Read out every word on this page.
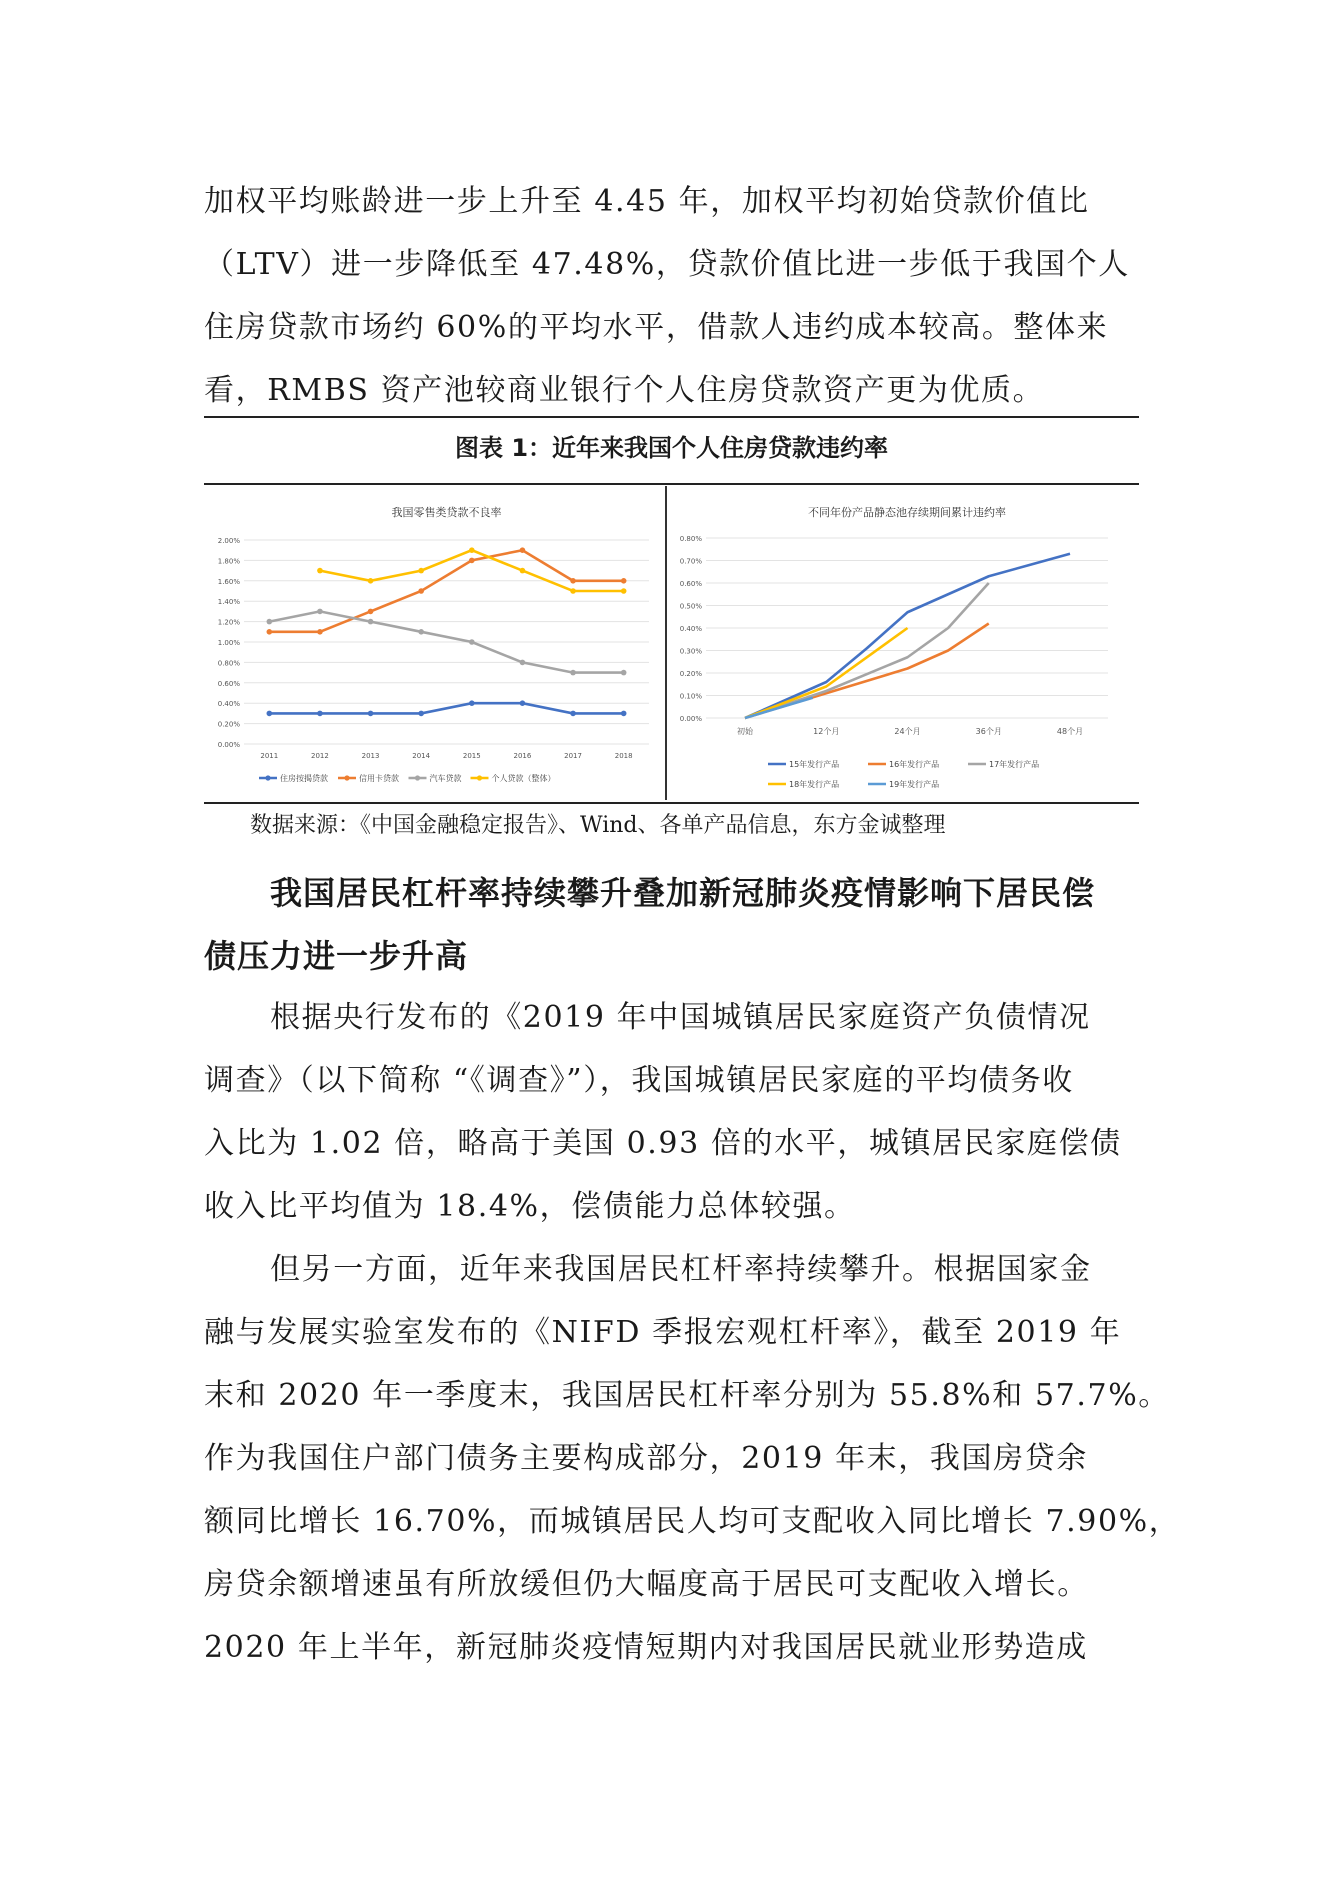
加权平均账龄进一步上升至 4.45 年，加权平均初始贷款价值比
（LTV）进一步降低至 47.48%，贷款价值比进一步低于我国个人
住房贷款市场约 60%的平均水平，借款人违约成本较高。整体来
看，RMBS 资产池较商业银行个人住房贷款资产更为优质。
图表 1：近年来我国个人住房贷款违约率
我国零售类贷款不良率
0.00%
0.20%
0.40%
0.60%
0.80%
1.00%
1.20%
1.40%
1.60%
1.80%
2.00%
2011	2012	2013	2014	2015	2016	2017	2018
住房按揭贷款	信用卡贷款	汽车贷款	个人贷款（整体）
不同年份产品静态池存续期间累计违约率
0.00%
0.10%
0.20%
0.30%
0.40%
0.50%
0.60%
0.70%
0.80%
初始	12个月	24个月	36个月	48个月
15年发行产品	16年发行产品	17年发行产品
18年发行产品	19年发行产品
数据来源：《中国金融稳定报告》、Wind、各单产品信息，东方金诚整理
我国居民杠杆率持续攀升叠加新冠肺炎疫情影响下居民偿
债压力进一步升高
根据央行发布的《2019 年中国城镇居民家庭资产负债情况
调查》（以下简称 “《调查》”），我国城镇居民家庭的平均债务收
入比为 1.02 倍，略高于美国 0.93 倍的水平，城镇居民家庭偿债
收入比平均值为 18.4%，偿债能力总体较强。
但另一方面，近年来我国居民杠杆率持续攀升。根据国家金
融与发展实验室发布的《NIFD 季报宏观杠杆率》，截至 2019 年
末和 2020 年一季度末，我国居民杠杆率分别为 55.8%和 57.7%。
作为我国住户部门债务主要构成部分，2019 年末，我国房贷余
额同比增长 16.70%，而城镇居民人均可支配收入同比增长 7.90%，
房贷余额增速虽有所放缓但仍大幅度高于居民可支配收入增长。
2020 年上半年，新冠肺炎疫情短期内对我国居民就业形势造成
